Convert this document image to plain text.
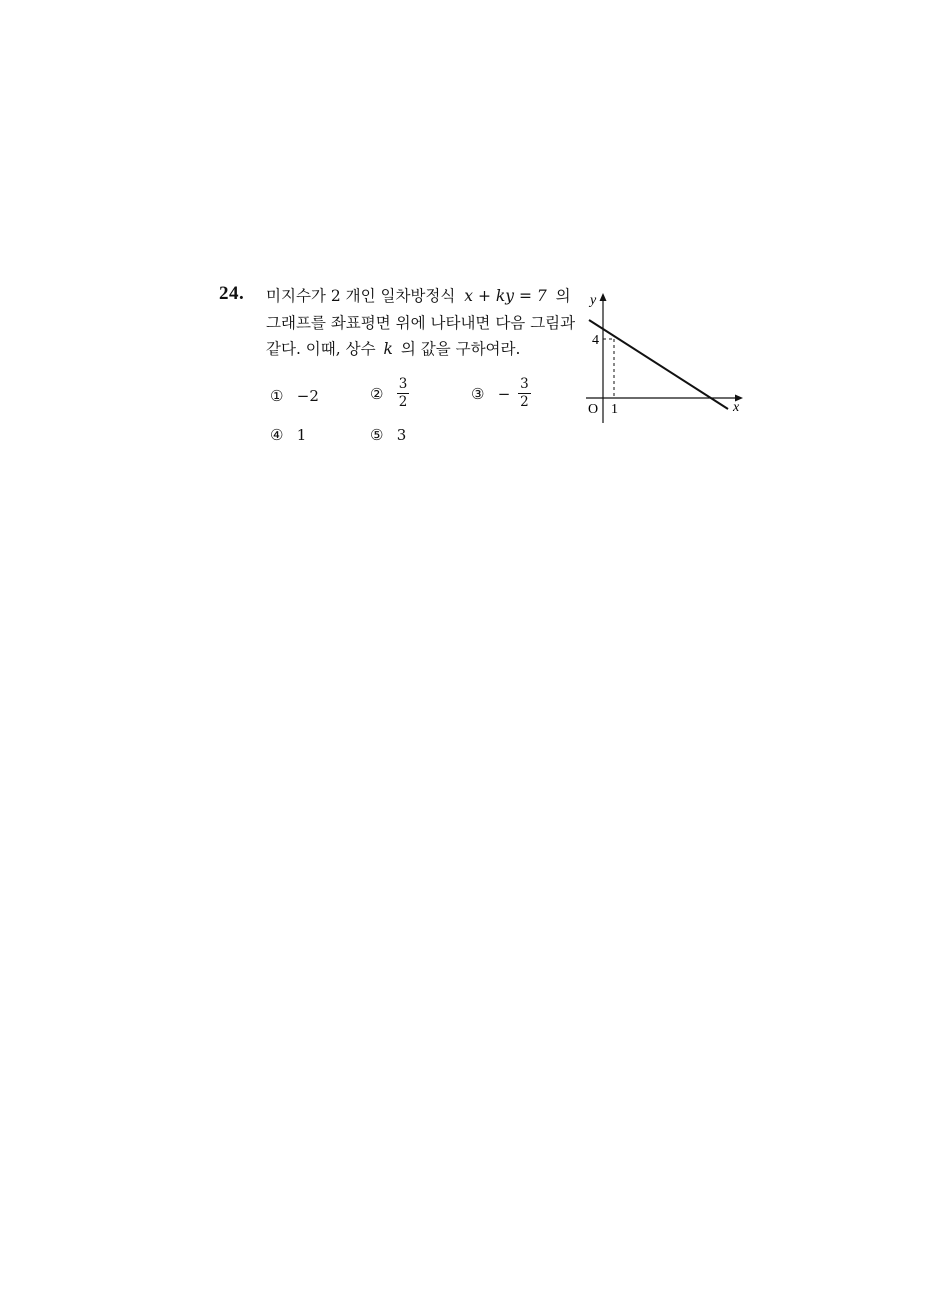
24. 미지수가 2 개인 일차방정식 x + ky = 7 의
그래프를 좌표평면 위에 나타내면 다음 그림과
같다. 이때, 상수 k 의 값을 구하여라.
① −2	② $\frac{3}{2}$	③ − $\frac{3}{2}$
④ 1	⑤ 3
y
x
O
4
1
